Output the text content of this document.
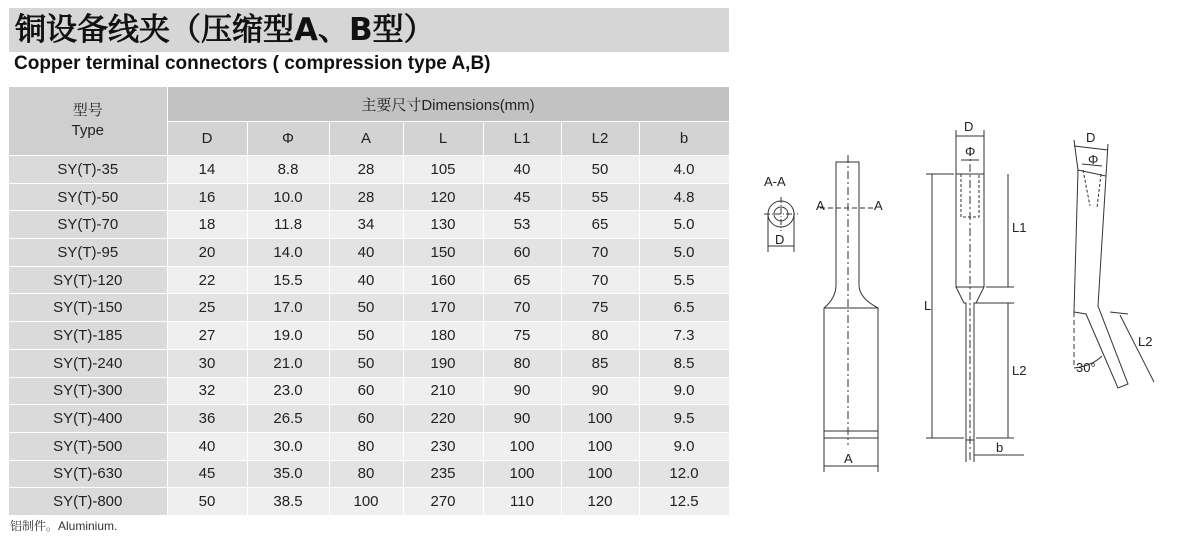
铜设备线夹（压缩型A、B型）
Copper terminal connectors ( compression type A,B)
型号
Type	主要尺寸Dimensions(mm)						
	D	Φ	A	L	L1	L2	b
SY(T)-35	14	8.8	28	105	40	50	4.0
SY(T)-50	16	10.0	28	120	45	55	4.8
SY(T)-70	18	11.8	34	130	53	65	5.0
SY(T)-95	20	14.0	40	150	60	70	5.0
SY(T)-120	22	15.5	40	160	65	70	5.5
SY(T)-150	25	17.0	50	170	70	75	6.5
SY(T)-185	27	19.0	50	180	75	80	7.3
SY(T)-240	30	21.0	50	190	80	85	8.5
SY(T)-300	32	23.0	60	210	90	90	9.0
SY(T)-400	36	26.5	60	220	90	100	9.5
SY(T)-500	40	30.0	80	230	100	100	9.0
SY(T)-630	45	35.0	80	235	100	100	12.0
SY(T)-800	50	38.5	100	270	110	120	12.5
铝制件。Aluminium.
A-A
D
A	A
A
D
Φ
L
L1
L2
b
D
Φ
L2
30°
